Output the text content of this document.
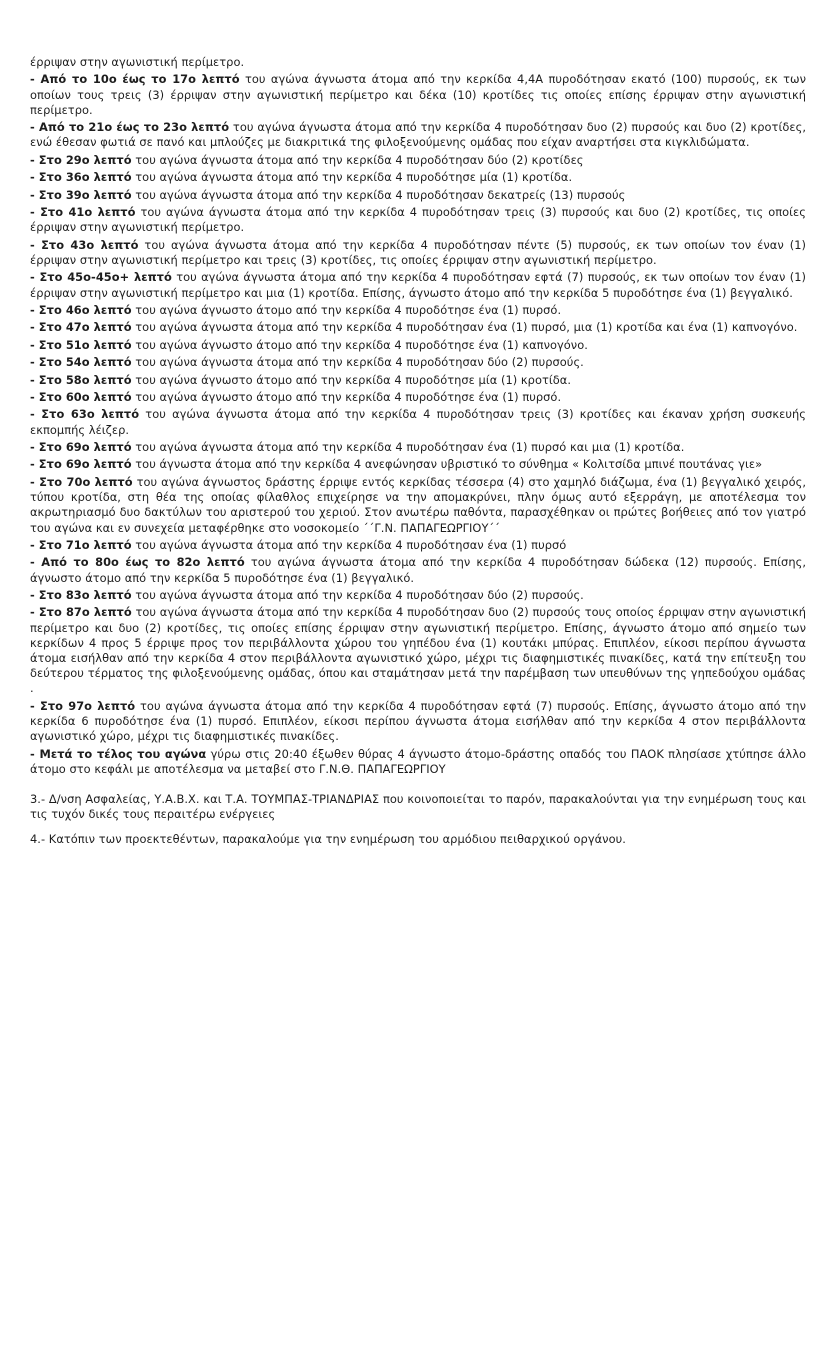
έρριψαν στην αγωνιστική περίμετρο.

- Από το 10ο έως το 17ο λεπτό του αγώνα άγνωστα άτομα από την κερκίδα 4,4Α πυροδότησαν εκατό (100) πυρσούς, εκ των οποίων τους τρεις (3) έρριψαν στην αγωνιστική περίμετρο και δέκα (10) κροτίδες τις οποίες επίσης έρριψαν στην αγωνιστική περίμετρο.

- Από το 21ο έως το 23ο λεπτό του αγώνα άγνωστα άτομα από την κερκίδα 4 πυροδότησαν δυο (2) πυρσούς και δυο (2) κροτίδες, ενώ έθεσαν φωτιά σε πανό και μπλούζες με διακριτικά της φιλοξενούμενης ομάδας που είχαν αναρτήσει στα κιγκλιδώματα.

- Στο 29ο λεπτό του αγώνα άγνωστα άτομα από την κερκίδα 4 πυροδότησαν δύο (2) κροτίδες

- Στο 36ο λεπτό του αγώνα άγνωστα άτομα από την κερκίδα 4 πυροδότησε μία (1) κροτίδα.

- Στο 39ο λεπτό του αγώνα άγνωστα άτομα από την κερκίδα 4 πυροδότησαν δεκατρείς (13) πυρσούς

- Στο 41ο λεπτό του αγώνα άγνωστα άτομα από την κερκίδα 4 πυροδότησαν τρεις (3) πυρσούς και δυο (2) κροτίδες, τις οποίες έρριψαν στην αγωνιστική περίμετρο.

- Στο 43ο λεπτό του αγώνα άγνωστα άτομα από την κερκίδα 4 πυροδότησαν πέντε (5) πυρσούς, εκ των οποίων τον έναν (1) έρριψαν στην αγωνιστική περίμετρο και τρεις (3) κροτίδες, τις οποίες έρριψαν στην αγωνιστική περίμετρο.

- Στο 45ο-45ο+ λεπτό του αγώνα άγνωστα άτομα από την κερκίδα 4 πυροδότησαν εφτά (7) πυρσούς, εκ των οποίων τον έναν (1) έρριψαν στην αγωνιστική περίμετρο και μια (1) κροτίδα. Επίσης, άγνωστο άτομο από την κερκίδα 5 πυροδότησε ένα (1) βεγγαλικό.

- Στο 46ο λεπτό του αγώνα άγνωστο άτομο από την κερκίδα 4 πυροδότησε ένα (1) πυρσό.

- Στο 47ο λεπτό του αγώνα άγνωστα άτομα από την κερκίδα 4 πυροδότησαν ένα (1) πυρσό, μια (1) κροτίδα και ένα (1) καπνογόνο.

- Στο 51ο λεπτό του αγώνα άγνωστο άτομο από την κερκίδα 4 πυροδότησε ένα (1) καπνογόνο.

- Στο 54ο λεπτό του αγώνα άγνωστα άτομα από την κερκίδα 4 πυροδότησαν δύο (2) πυρσούς.

- Στο 58ο λεπτό του αγώνα άγνωστο άτομο από την κερκίδα 4 πυροδότησε μία (1) κροτίδα.

- Στο 60ο λεπτό του αγώνα άγνωστο άτομο από την κερκίδα 4 πυροδότησε ένα (1) πυρσό.

- Στο 63ο λεπτό του αγώνα άγνωστα άτομα από την κερκίδα 4 πυροδότησαν τρεις (3) κροτίδες και έκαναν χρήση συσκευής εκπομπής λέιζερ.

- Στο 69ο λεπτό του αγώνα άγνωστα άτομα από την κερκίδα 4 πυροδότησαν ένα (1) πυρσό και μια (1) κροτίδα.

- Στο 69ο λεπτό του άγνωστα άτομα από την κερκίδα 4 ανεφώνησαν υβριστικό το σύνθημα « Κολιτσίδα μπινέ πουτάνας γιε»

- Στο 70ο λεπτό του αγώνα άγνωστος δράστης έρριψε εντός κερκίδας τέσσερα (4) στο χαμηλό διάζωμα, ένα (1) βεγγαλικό χειρός, τύπου κροτίδα, στη θέα της οποίας φίλαθλος επιχείρησε να την απομακρύνει, πλην όμως αυτό εξερράγη, με αποτέλεσμα τον ακρωτηριασμό δυο δακτύλων του αριστερού του χεριού. Στον ανωτέρω παθόντα, παρασχέθηκαν οι πρώτες βοήθειες από τον γιατρό του αγώνα και εν συνεχεία μεταφέρθηκε στο νοσοκομείο ΄΄Γ.Ν. ΠΑΠΑΓΕΩΡΓΙΟΥ΄΄

- Στο 71ο λεπτό του αγώνα άγνωστα άτομα από την κερκίδα 4 πυροδότησαν ένα (1) πυρσό

- Από το 80ο έως το 82ο λεπτό του αγώνα άγνωστα άτομα από την κερκίδα 4 πυροδότησαν δώδεκα (12) πυρσούς. Επίσης, άγνωστο άτομο από την κερκίδα 5 πυροδότησε ένα (1) βεγγαλικό.

- Στο 83ο λεπτό του αγώνα άγνωστα άτομα από την κερκίδα 4 πυροδότησαν δύο (2) πυρσούς.

- Στο 87ο λεπτό του αγώνα άγνωστα άτομα από την κερκίδα 4 πυροδότησαν δυο (2) πυρσούς τους οποίος έρριψαν στην αγωνιστική περίμετρο και δυο (2) κροτίδες, τις οποίες επίσης έρριψαν στην αγωνιστική περίμετρο. Επίσης, άγνωστο άτομο από σημείο των κερκίδων 4 προς 5 έρριψε προς τον περιβάλλοντα χώρου του γηπέδου ένα (1) κουτάκι μπύρας. Επιπλέον, είκοσι περίπου άγνωστα άτομα εισήλθαν από την κερκίδα 4 στον περιβάλλοντα αγωνιστικό χώρο, μέχρι τις διαφημιστικές πινακίδες, κατά την επίτευξη του δεύτερου τέρματος της φιλοξενούμενης ομάδας, όπου και σταμάτησαν μετά την παρέμβαση των υπευθύνων της γηπεδούχου ομάδας .

- Στο 97ο λεπτό του αγώνα άγνωστα άτομα από την κερκίδα 4 πυροδότησαν εφτά (7) πυρσούς. Επίσης, άγνωστο άτομο από την κερκίδα 6 πυροδότησε ένα (1) πυρσό. Επιπλέον, είκοσι περίπου άγνωστα άτομα εισήλθαν από την κερκίδα 4 στον περιβάλλοντα αγωνιστικό χώρο, μέχρι τις διαφημιστικές πινακίδες.

- Μετά το τέλος του αγώνα γύρω στις 20:40 έξωθεν θύρας 4 άγνωστο άτομο-δράστης οπαδός του ΠΑΟΚ πλησίασε χτύπησε άλλο άτομο στο κεφάλι με αποτέλεσμα να μεταβεί στο Γ.Ν.Θ. ΠΑΠΑΓΕΩΡΓΙΟΥ

3.- Δ/νση Ασφαλείας, Υ.Α.Β.Χ. και Τ.Α. ΤΟΥΜΠΑΣ-ΤΡΙΑΝΔΡΙΑΣ που κοινοποιείται το παρόν, παρακαλούνται για την ενημέρωση τους και τις τυχόν δικές τους περαιτέρω ενέργειες

4.- Κατόπιν των προεκτεθέντων, παρακαλούμε για την ενημέρωση του αρμόδιου πειθαρχικού οργάνου.
